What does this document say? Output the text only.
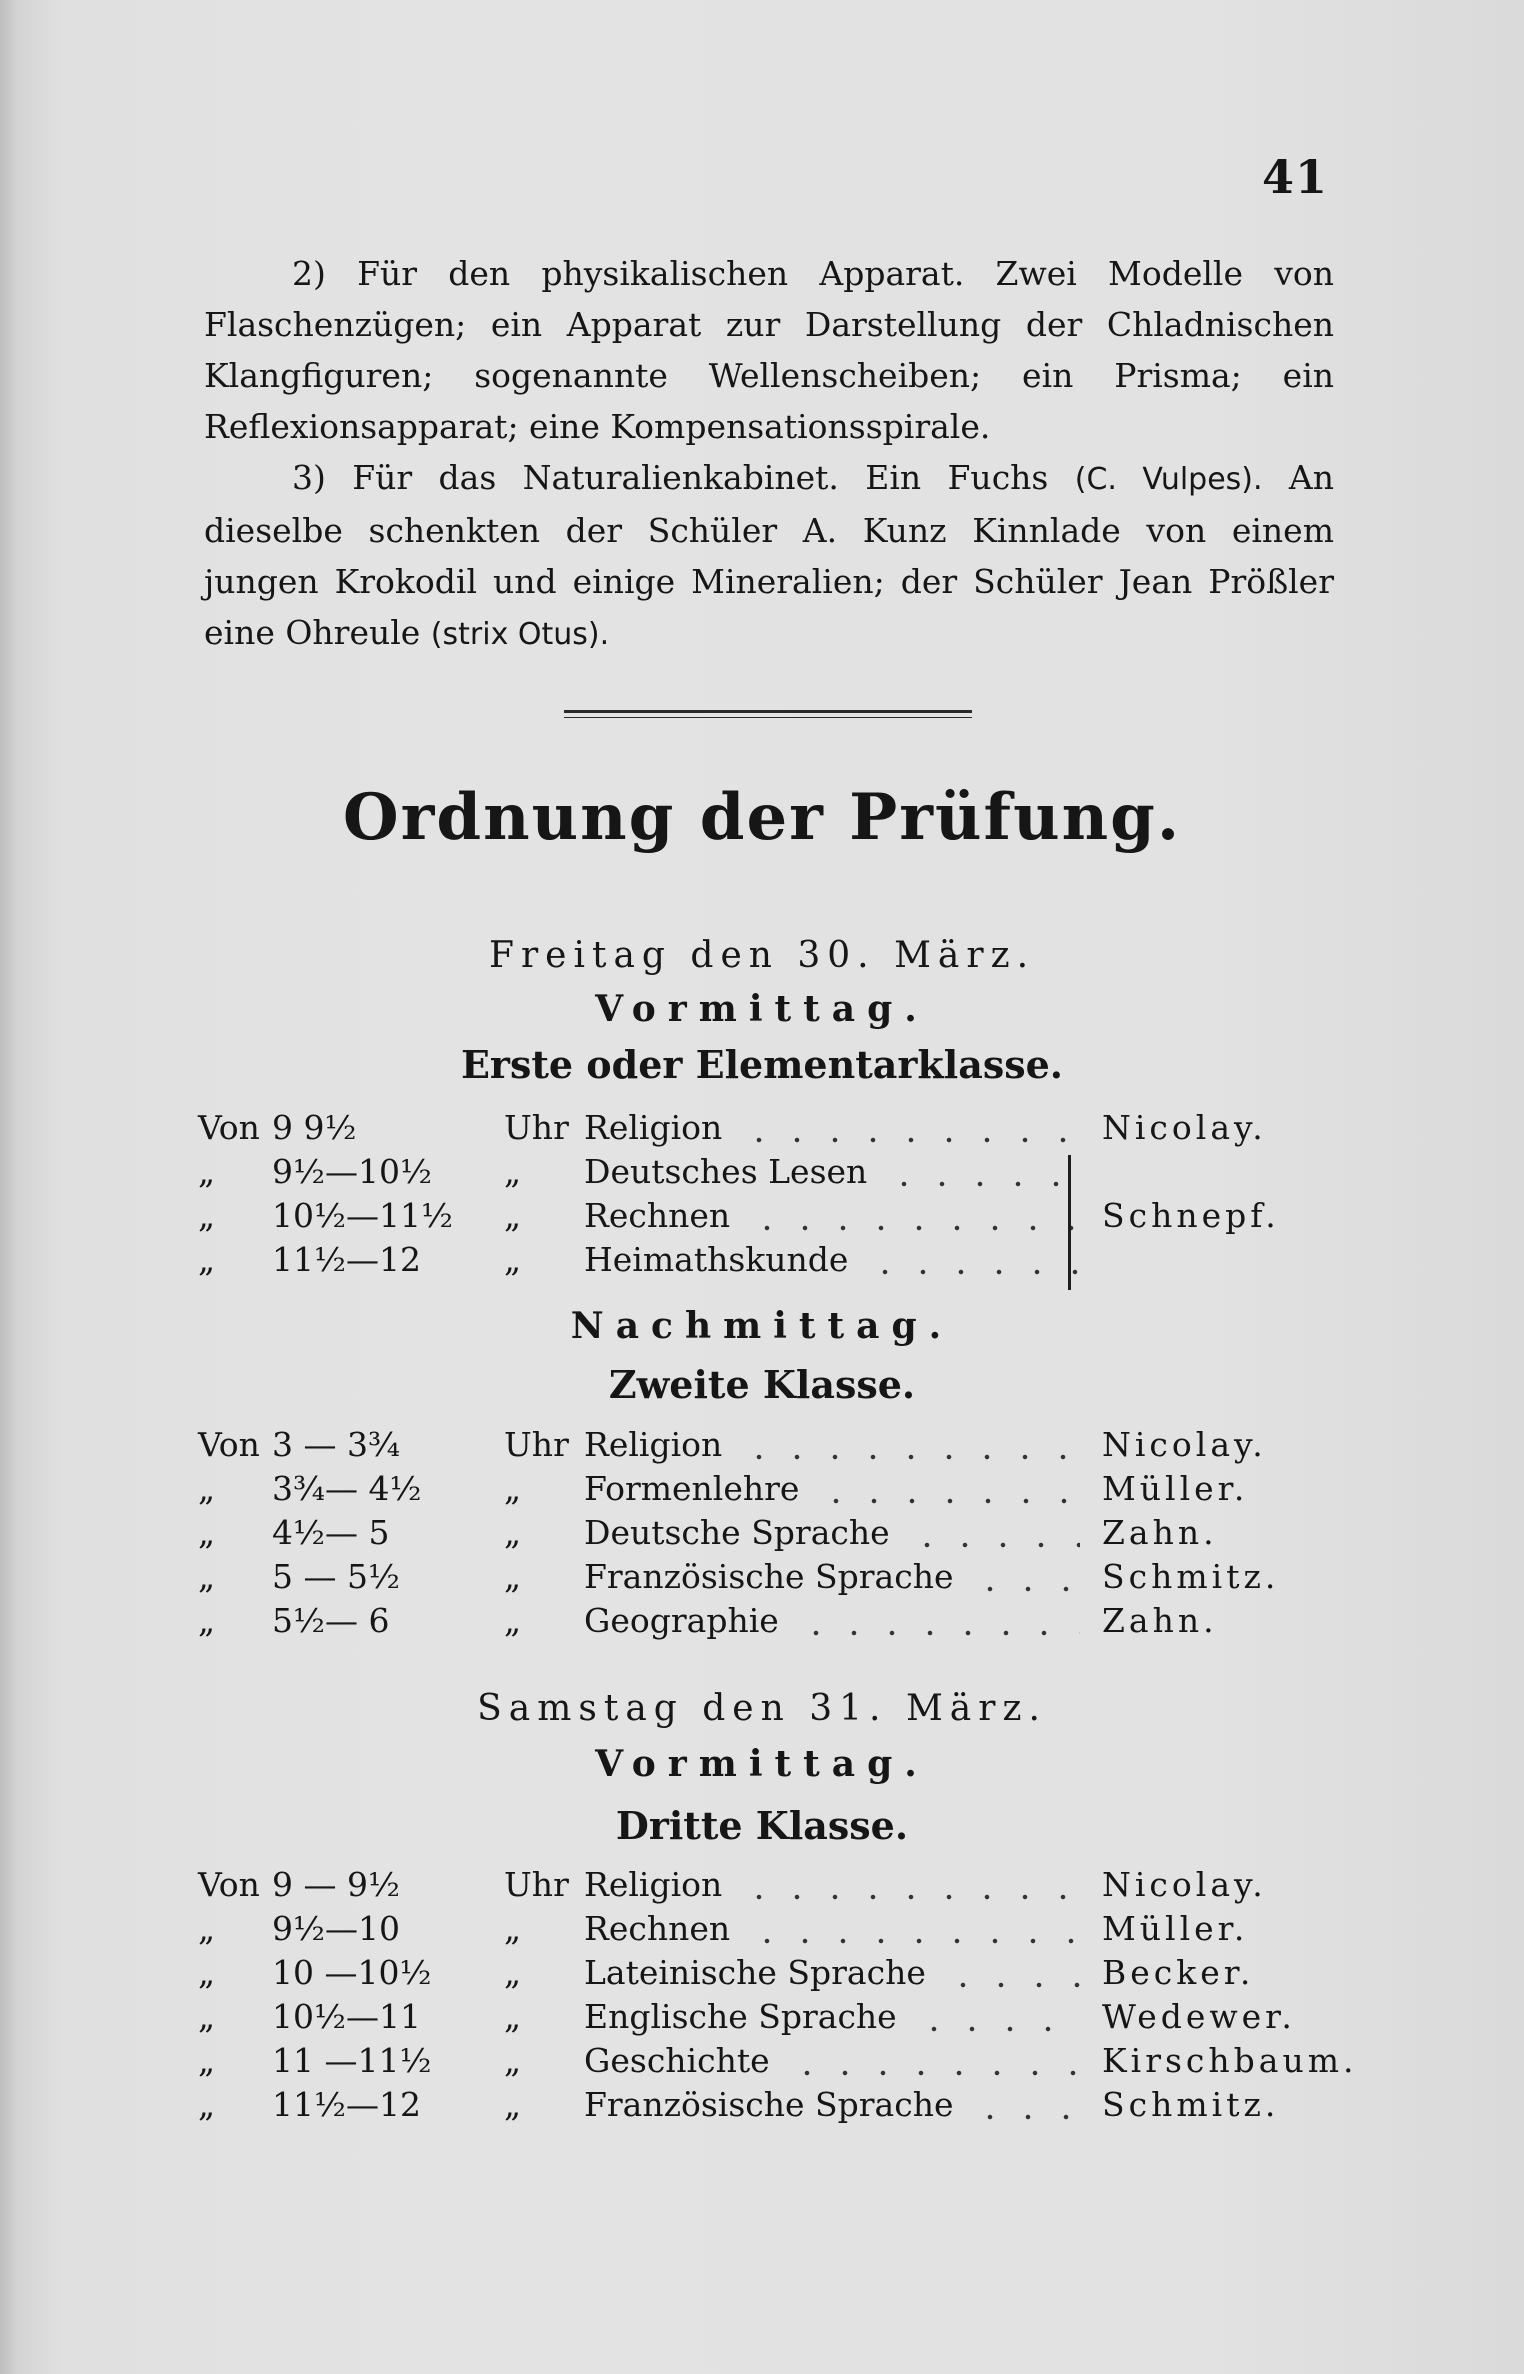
41
2) Für den physikalischen Apparat. Zwei Modelle von Flaschenzügen; ein Apparat zur Darstellung der Chladnischen Klangfiguren; sogenannte Wellenscheiben; ein Prisma; ein Reflexionsapparat; eine Kompensationsspirale.
3) Für das Naturalienkabinet. Ein Fuchs (C. Vulpes). An dieselbe schenkten der Schüler A. Kunz Kinnlade von einem jungen Krokodil und einige Mineralien; der Schüler Jean Prößler eine Ohreule (strix Otus).
Ordnung der Prüfung.
Freitag den 30. März.
Vormittag.
Erste oder Elementarklasse.
Von 9 9½	Uhr Religion	Nicolay.
„ 9½—10½ „ Deutsches Lesen
„ 10½—11½ „ Rechnen	Schnepf.
„ 11½—12	„ Heimathskunde
Nachmittag.
Zweite Klasse.
Von 3 — 3¾	Uhr Religion	Nicolay.
„ 3¾— 4½	„ Formenlehre	Müller.
„ 4½— 5	„ Deutsche Sprache	Zahn.
„ 5 — 5½	„ Französische Sprache	Schmitz.
„ 5½— 6	„ Geographie	Zahn.
Samstag den 31. März.
Vormittag.
Dritte Klasse.
Von 9 — 9½	Uhr Religion	Nicolay.
„ 9½—10	„ Rechnen	Müller.
„ 10 —10½ „ Lateinische Sprache	Becker.
„ 10½—11	„ Englische Sprache	Wedewer.
„ 11 —11½ „ Geschichte	Kirschbaum.
„ 11½—12	„ Französische Sprache	Schmitz.
